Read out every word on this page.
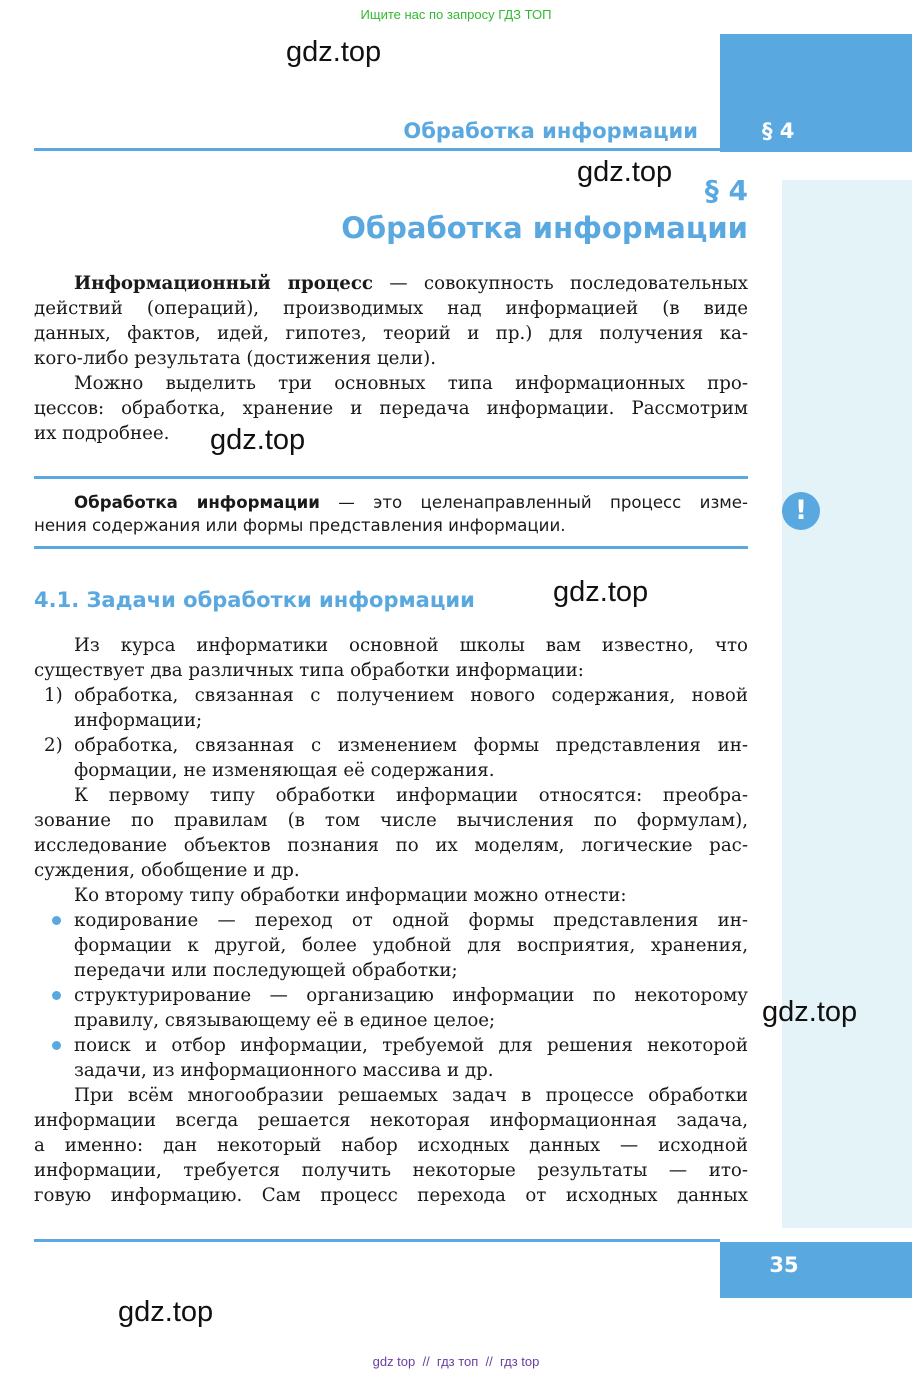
Ищите нас по запросу ГДЗ ТОП
Обработка информации	§ 4
!
§ 4
Обработка информации
Информационный процесс — совокупность последовательных
действий (операций), производимых над информацией (в виде
данных, фактов, идей, гипотез, теорий и пр.) для получения ка-
кого-либо результата (достижения цели).
Можно выделить три основных типа информационных про-
цессов: обработка, хранение и передача информации. Рассмотрим
их подробнее.
Обработка информации — это целенаправленный процесс изме-
нения содержания или формы представления информации.
4.1. Задачи обработки информации
Из курса информатики основной школы вам известно, что
существует два различных типа обработки информации:
1) обработка, связанная с получением нового содержания, новой
информации;
2) обработка, связанная с изменением формы представления ин-
формации, не изменяющая её содержания.
К первому типу обработки информации относятся: преобра-
зование по правилам (в том числе вычисления по формулам),
исследование объектов познания по их моделям, логические рас-
суждения, обобщение и др.
Ко второму типу обработки информации можно отнести:
кодирование — переход от одной формы представления ин-
формации к другой, более удобной для восприятия, хранения,
передачи или последующей обработки;
структурирование — организацию информации по некоторому
правилу, связывающему её в единое целое;
поиск и отбор информации, требуемой для решения некоторой
задачи, из информационного массива и др.
При всём многообразии решаемых задач в процессе обработки
информации всегда решается некоторая информационная задача,
а именно: дан некоторый набор исходных данных — исходной
информации, требуется получить некоторые результаты — ито-
говую информацию. Сам процесс перехода от исходных данных
35
gdz.top
gdz.top
gdz.top
gdz.top
gdz.top
gdz.top
gdz top  //  гдз топ  //  гдз top
